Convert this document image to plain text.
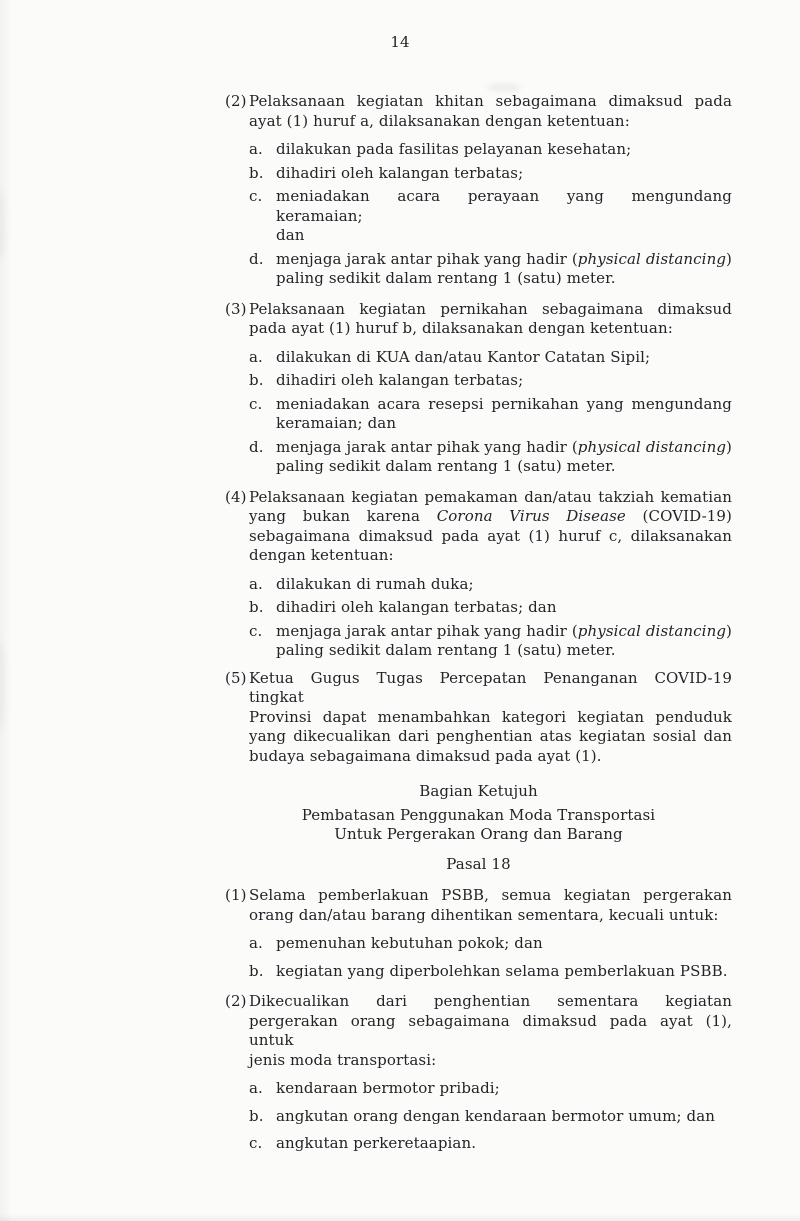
14
(2) Pelaksanaan kegiatan khitan sebagaimana dimaksud pada
ayat (1) huruf a, dilaksanakan dengan ketentuan:
a. dilakukan pada fasilitas pelayanan kesehatan;
b. dihadiri oleh kalangan terbatas;
c. meniadakan acara perayaan yang mengundang keramaian;
dan
d. menjaga jarak antar pihak yang hadir (physical distancing)
paling sedikit dalam rentang 1 (satu) meter.
(3) Pelaksanaan kegiatan pernikahan sebagaimana dimaksud
pada ayat (1) huruf b, dilaksanakan dengan ketentuan:
a. dilakukan di KUA dan/atau Kantor Catatan Sipil;
b. dihadiri oleh kalangan terbatas;
c. meniadakan acara resepsi pernikahan yang mengundang
keramaian; dan
d. menjaga jarak antar pihak yang hadir (physical distancing)
paling sedikit dalam rentang 1 (satu) meter.
(4) Pelaksanaan kegiatan pemakaman dan/atau takziah kematian
yang bukan karena Corona Virus Disease (COVID-19)
sebagaimana dimaksud pada ayat (1) huruf c, dilaksanakan
dengan ketentuan:
a. dilakukan di rumah duka;
b. dihadiri oleh kalangan terbatas; dan
c. menjaga jarak antar pihak yang hadir (physical distancing)
paling sedikit dalam rentang 1 (satu) meter.
(5) Ketua Gugus Tugas Percepatan Penanganan COVID-19 tingkat
Provinsi dapat menambahkan kategori kegiatan penduduk
yang dikecualikan dari penghentian atas kegiatan sosial dan
budaya sebagaimana dimaksud pada ayat (1).
Bagian Ketujuh
Pembatasan Penggunakan Moda Transportasi
Untuk Pergerakan Orang dan Barang
Pasal 18
(1) Selama pemberlakuan PSBB, semua kegiatan pergerakan
orang dan/atau barang dihentikan sementara, kecuali untuk:
a. pemenuhan kebutuhan pokok; dan
b. kegiatan yang diperbolehkan selama pemberlakuan PSBB.
(2) Dikecualikan dari penghentian sementara kegiatan
pergerakan orang sebagaimana dimaksud pada ayat (1), untuk
jenis moda transportasi:
a. kendaraan bermotor pribadi;
b. angkutan orang dengan kendaraan bermotor umum; dan
c. angkutan perkeretaapian.
